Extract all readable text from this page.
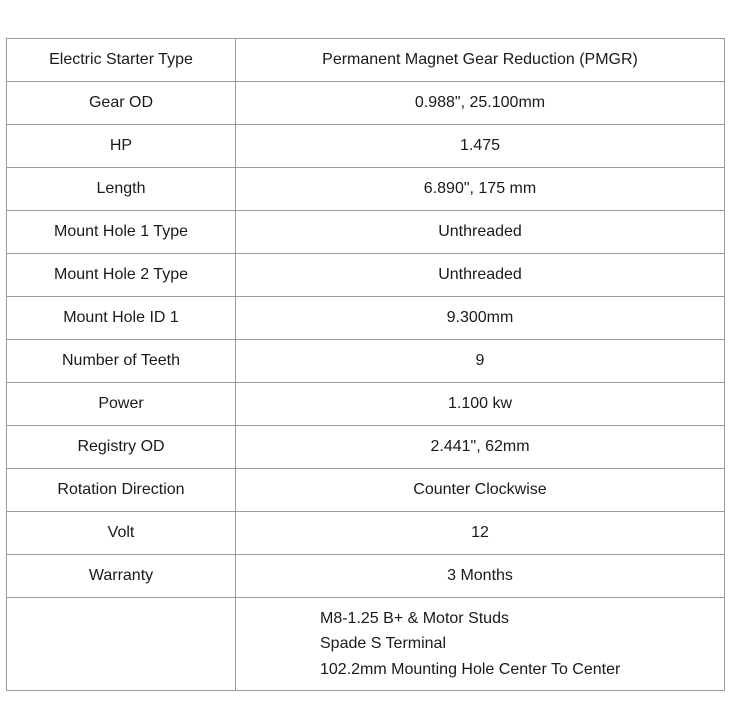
Electric Starter Type	Permanent Magnet Gear Reduction (PMGR)
Gear OD	0.988", 25.100mm
HP	1.475
Length	6.890", 175 mm
Mount Hole 1 Type	Unthreaded
Mount Hole 2 Type	Unthreaded
Mount Hole ID 1	9.300mm
Number of Teeth	9
Power	1.100 kw
Registry OD	2.441", 62mm
Rotation Direction	Counter Clockwise
Volt	12
Warranty	3 Months

	M8-1.25 B+ & Motor Studs
Spade S Terminal
102.2mm Mounting Hole Center To Center
